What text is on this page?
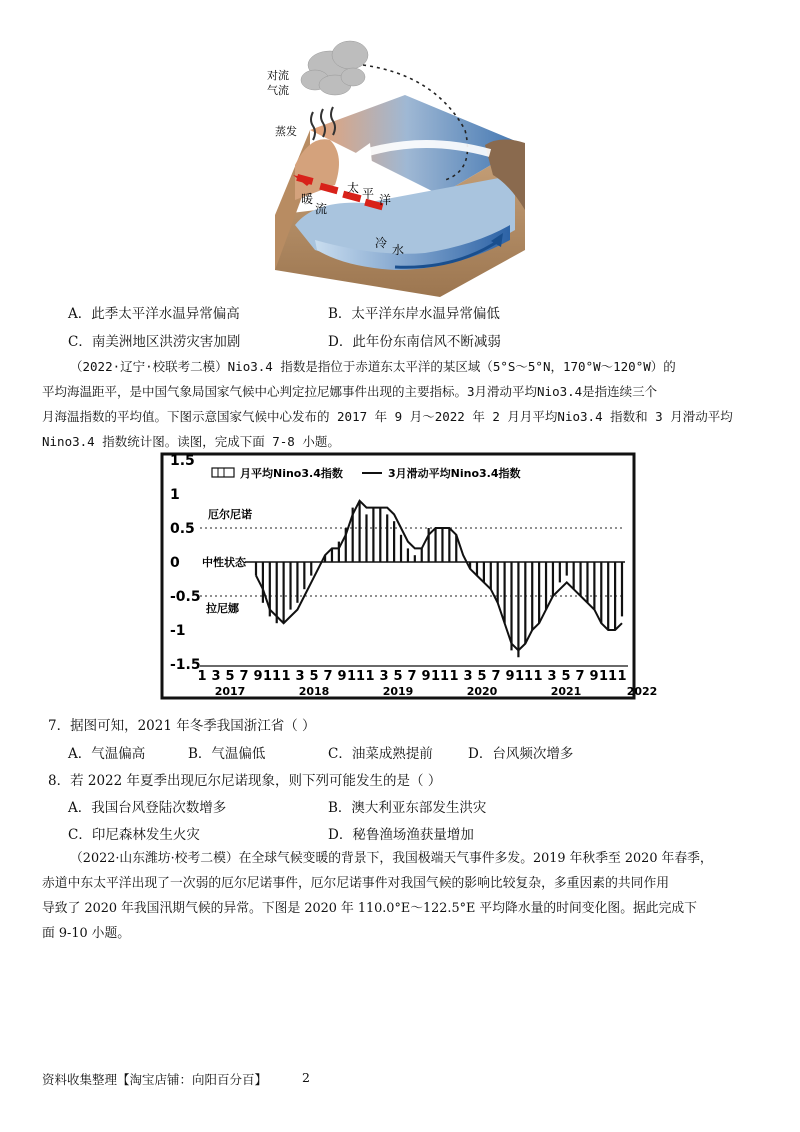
对流
气流
蒸发
太 平 洋
暖
流
冷 水
A．此季太平洋水温异常偏高	B．太平洋东岸水温异常偏低
C．南美洲地区洪涝灾害加剧	D．此年份东南信风不断减弱

（2022·辽宁·校联考二模）Nio3.4 指数是指位于赤道东太平洋的某区域（5°S～5°N，170°W～120°W）的

平均海温距平，是中国气象局国家气候中心判定拉尼娜事件出现的主要指标。3月滑动平均Nio3.4是指连续三个

月海温指数的平均值。下图示意国家气候中心发布的 2017 年 9 月～2022 年 2 月月平均Nio3.4 指数和 3 月滑动平均

Nino3.4 指数统计图。读图，完成下面 7-8 小题。

1.5
1
0.5
0
-0.5
-1
-1.5
1 3 5 7 9 11 1 3 5 7 9 11 1 3 5 7 9 11 1 3 5 7 9 11 1 3 5 7 9 11 1
2017	2018	2019	2020	2021	2022
月平均Nino3.4指数	3月滑动平均Nino3.4指数
厄尔尼诺
中性状态
拉尼娜
7．据图可知，2021 年冬季我国浙江省（ ）
A．气温偏高	B．气温偏低	C．油菜成熟提前	D．台风频次增多
8．若 2022 年夏季出现厄尔尼诺现象，则下列可能发生的是（ ）
A．我国台风登陆次数增多	B．澳大利亚东部发生洪灾
C．印尼森林发生火灾	D．秘鲁渔场渔获量增加

（2022·山东潍坊·校考二模）在全球气候变暖的背景下，我国极端天气事件多发。2019 年秋季至 2020 年春季，

赤道中东太平洋出现了一次弱的厄尔尼诺事件，厄尔尼诺事件对我国气候的影响比较复杂，多重因素的共同作用

导致了 2020 年我国汛期气候的异常。下图是 2020 年 110.0°E～122.5°E 平均降水量的时间变化图。据此完成下

面 9-10 小题。

资料收集整理【淘宝店铺：向阳百分百】	2
